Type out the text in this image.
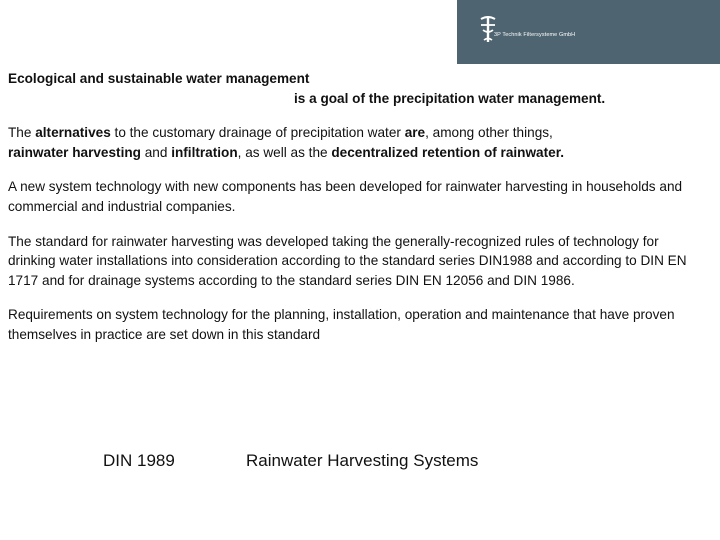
3P Technik Filtersysteme GmbH

Ecological and sustainable water management
is a goal of the precipitation water management.

The alternatives to the customary drainage of precipitation water are, among other things,
rainwater harvesting and infiltration, as well as the decentralized retention of rainwater.

A new system technology with new components has been developed for rainwater harvesting in households and commercial and industrial companies.

The standard for rainwater harvesting was developed taking the generally-recognized rules of technology for drinking water installations into consideration according to the standard series DIN1988 and according to DIN EN 1717 and for drainage systems according to the standard series DIN EN 12056 and DIN 1986.

Requirements on system technology for the planning, installation, operation and maintenance that have proven themselves in practice are set down in this standard

DIN 1989	Rainwater Harvesting Systems
